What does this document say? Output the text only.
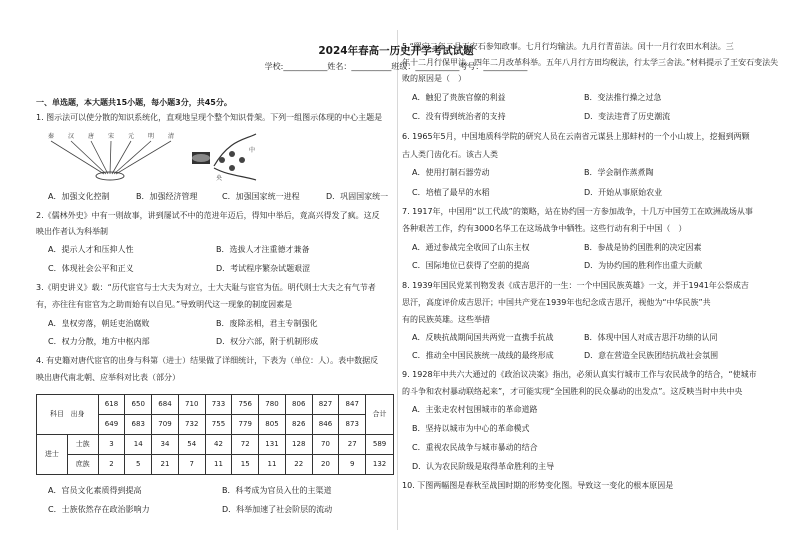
2024年春高一历史开学考试试题
学校:___________姓名：__________班级：___________考号：___________
一、单选题，本大题共15小题，每小题3分，共45分。
1. 图示法可以使分散的知识系统化，直观地呈现个整个知识骨架。下列一组图示体现的中心主题是
秦 汉 唐 宋 元 明 清
中
央
A．加强文化控制	B．加强经济管理	C．加强国家统一进程	D．巩固国家统一
2.《儒林外史》中有一则故事，讲到屡试不中的范进年迈后，得知中举后，竟高兴得发了疯。这反
映出作者认为科举制
A．提示人才和压抑人性	B．选拔人才注重德才兼备
C．体现社会公平和正义	D．考试程序繁杂试题艰涩
3.《明史讲义》载：“历代宦官与士大夫为对立，士大夫耻与宦官为伍。明代则士大夫之有气节者
有，亦往往有宦官为之助而始有以自见。”导致明代这一现象的制度因素是
A．皇权旁落，朝廷吏治腐败	B．废除丞相，君主专制强化
C．权力分散，地方中枢内部	D．权分六部，附于机制形成
4. 有史籍对唐代宦官的出身与科第（进士）结果做了详细统计，下表为（单位：人）。表中数据反
映出唐代南北朝、应举科对比表（部分）
科目 出身		618	650	684	710	733	756	780	806	827	847	合计
		649	683	709	732	755	779	805	826	846	873	
进士	士族	3	14	34	54	42	72	131	128	70	27	589
	庶族	2	5	21	7	11	15	11	22	20	9	132
A．官员文化素质得到提高	B．科考成为官员入仕的主渠道
C．士族依然存在政治影响力	D．科举加速了社会阶层的流动
5.“熙宁二年二月王安石参知政事。七月行均输法。九月行青苗法。闰十一月行农田水利法。三
年十二月行保甲法。四年二月改革科举。五年八月行方田均税法，行太学三舍法。”材料提示了王安石变法失
败的原因是（　）
A．触犯了贵族官僚的利益	B．变法推行操之过急
C．没有得到统治者的支持	D．变法违背了历史潮流
6. 1965年5月，中国地质科学院的研究人员在云南省元谋县上那蚌村的一个小山坡上，挖掘到两颗
古人类门齿化石。该古人类
A．使用打制石器劳动	B．学会制作蒸煮陶
C．培植了最早的水稻	D．开始从事原始农业
7. 1917年，中国用“以工代战”的策略，站在协约国一方参加战争，十几万中国劳工在欧洲战场从事
各种艰苦工作，约有3000名华工在这场战争中牺牲。这些行动有利于中国（　）
A．通过参战完全收回了山东主权	B．参战是协约国胜利的决定因素
C．国际地位已获得了空前的提高	D．为协约国的胜利作出重大贡献
8. 1939年国民党某刊物发表《成吉思汗的一生：一个中国民族英雄》一文，并于1941年公祭成吉
思汗，高度评价成吉思汗；中国共产党在1939年也纪念成吉思汗，视他为“中华民族”共
有的民族英雄。这些举措
A．反映抗战期间国共两党一直携手抗战	B．体现中国人对成吉思汗功绩的认同
C．推动全中国民族统一战线的最终形成	D．意在营造全民族团结抗战社会氛围
9. 1928年中共六大通过的《政治议决案》指出，必须认真实行城市工作与农民战争的结合，“使城市
的斗争和农村暴动联络起来”，才可能实现“全国胜利的民众暴动的出发点”。这反映当时中共中央
A．主张走农村包围城市的革命道路
B．坚持以城市为中心的革命模式
C．重视农民战争与城市暴动的结合
D．认为农民阶级是取得革命胜利的主导
10. 下图两幅图是春秋至战国时期的形势变化图。导致这一变化的根本原因是
